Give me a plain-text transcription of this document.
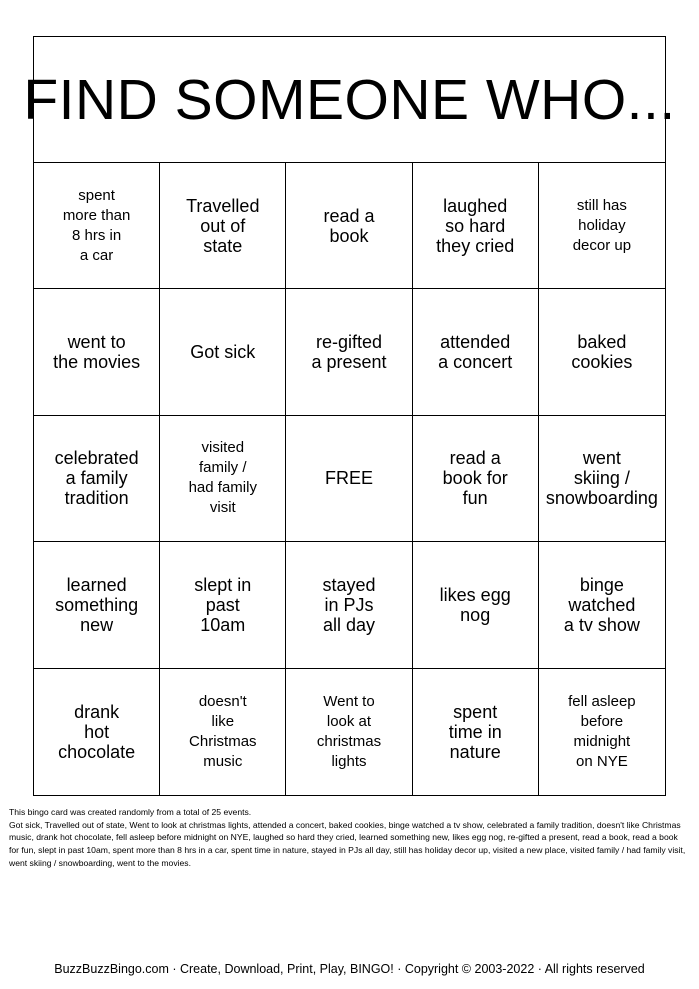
FIND SOMEONE WHO...
spent
more than
8 hrs in
a car
Travelled
out of
state
read a
book
laughed
so hard
they cried
still has
holiday
decor up
went to
the movies	Got sick	re-gifted
a present
attended
a concert
baked
cookies
celebrated
a family
tradition
visited
family /
had family
visit
FREE
read a
book for
fun
went
skiing /
snowboarding
learned
something
new
slept in
past
10am
stayed
in PJs
all day
likes egg
nog
binge
watched
a tv show
drank
hot
chocolate
doesn't
like
Christmas
music
Went to
look at
christmas
lights
spent
time in
nature
fell asleep
before
midnight
on NYE

This bingo card was created randomly from a total of 25 events.

Got sick, Travelled out of state, Went to look at christmas lights, attended a concert, baked cookies, binge watched a tv show, celebrated a family tradition, doesn't like Christmas music, drank hot chocolate, fell asleep before midnight on NYE, laughed so hard they cried, learned something new, likes egg nog, re-gifted a present, read a book, read a book for fun, slept in past 10am, spent more than 8 hrs in a car, spent time in nature, stayed in PJs all day, still has holiday decor up, visited a new place, visited family / had family visit, went skiing / snowboarding, went to the movies.

BuzzBuzzBingo.com · Create, Download, Print, Play, BINGO! · Copyright © 2003-2022 · All rights reserved
